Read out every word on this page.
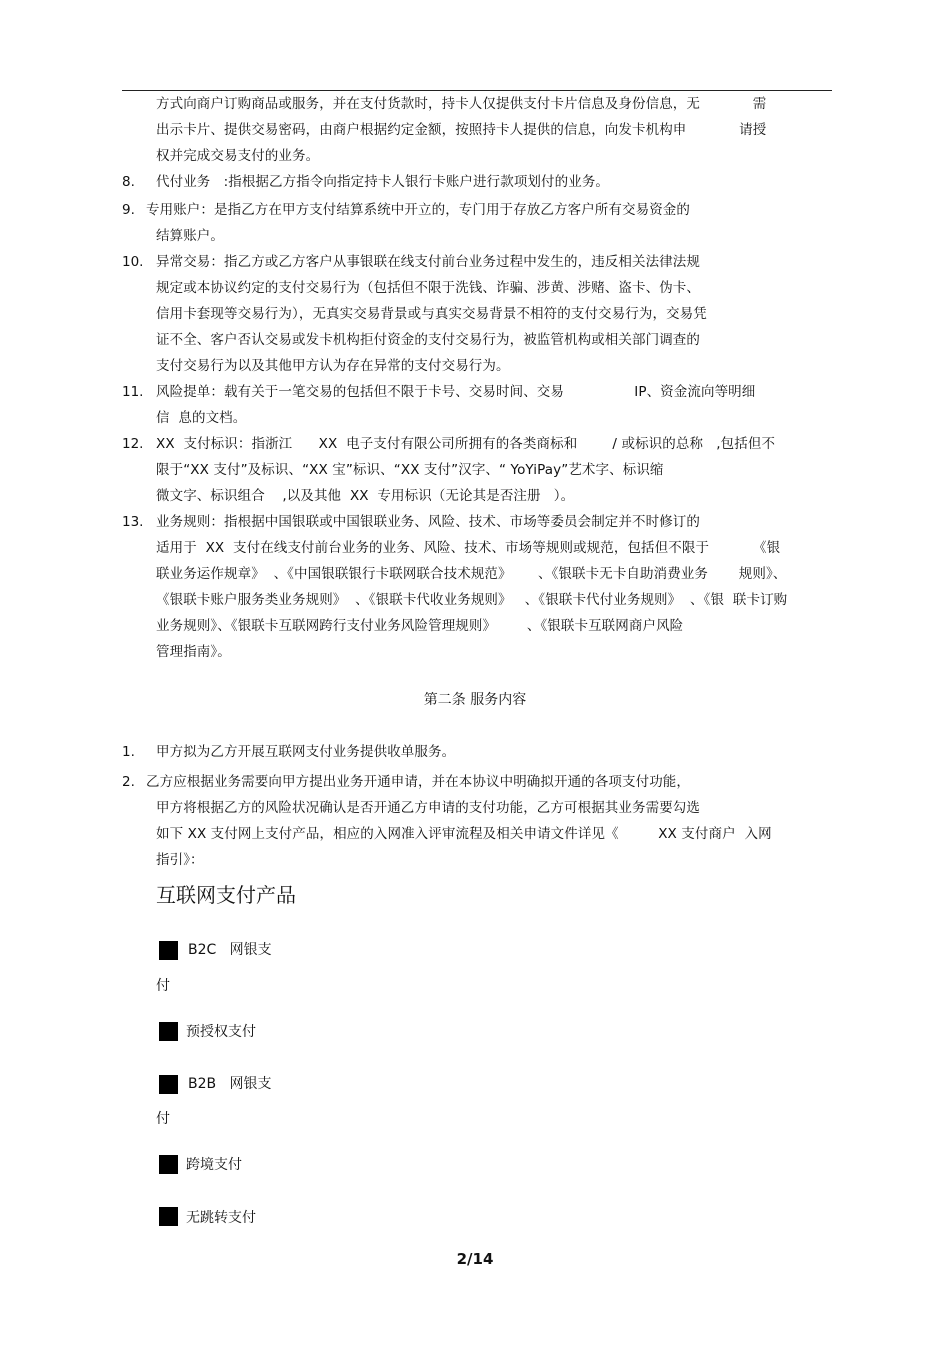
方式向商户订购商品或服务，并在支付货款时，持卡人仅提供支付卡片信息及身份信息，无            需
出示卡片、提供交易密码，由商户根据约定金额，按照持卡人提供的信息，向发卡机构申            请授
权并完成交易支付的业务。
8. 代付业务   :指根据乙方指令向指定持卡人银行卡账户进行款项划付的业务。
9. 专用账户：是指乙方在甲方支付结算系统中开立的，专门用于存放乙方客户所有交易资金的
结算账户。
10. 异常交易：指乙方或乙方客户从事银联在线支付前台业务过程中发生的，违反相关法律法规
规定或本协议约定的支付交易行为（包括但不限于洗钱、诈骗、涉黄、涉赌、盗卡、伪卡、
信用卡套现等交易行为），无真实交易背景或与真实交易背景不相符的支付交易行为，交易凭
证不全、客户否认交易或发卡机构拒付资金的支付交易行为，被监管机构或相关部门调查的
支付交易行为以及其他甲方认为存在异常的支付交易行为。
11. 风险提单：载有关于一笔交易的包括但不限于卡号、交易时间、交易                IP、资金流向等明细
信  息的文档。
12. XX  支付标识：指浙江      XX  电子支付有限公司所拥有的各类商标和        / 或标识的总称   ,包括但不
限于“XX 支付”及标识、“XX 宝”标识、“XX 支付”汉字、“ YoYiPay”艺术字、标识缩
微文字、标识组合    ,以及其他  XX  专用标识（无论其是否注册   ）。
13. 业务规则：指根据中国银联或中国银联业务、风险、技术、市场等委员会制定并不时修订的
适用于  XX  支付在线支付前台业务的业务、风险、技术、市场等规则或规范，包括但不限于          《银
联业务运作规章》  、《中国银联银行卡联网联合技术规范》      、《银联卡无卡自助消费业务       规则》、
《银联卡账户服务类业务规则》  、《银联卡代收业务规则》   、《银联卡代付业务规则》  、《银  联卡订购
业务规则》、《银联卡互联网跨行支付业务风险管理规则》       、《银联卡互联网商户风险
管理指南》。
第二条 服务内容
1. 甲方拟为乙方开展互联网支付业务提供收单服务。
2. 乙方应根据业务需要向甲方提出业务开通申请，并在本协议中明确拟开通的各项支付功能，
甲方将根据乙方的风险状况确认是否开通乙方申请的支付功能，乙方可根据其业务需要勾选
如下 XX 支付网上支付产品，相应的入网准入评审流程及相关申请文件详见《         XX 支付商户  入网
指引》：
互联网支付产品
B2C   网银支
付
预授权支付
B2B   网银支
付
跨境支付
无跳转支付
2/14
